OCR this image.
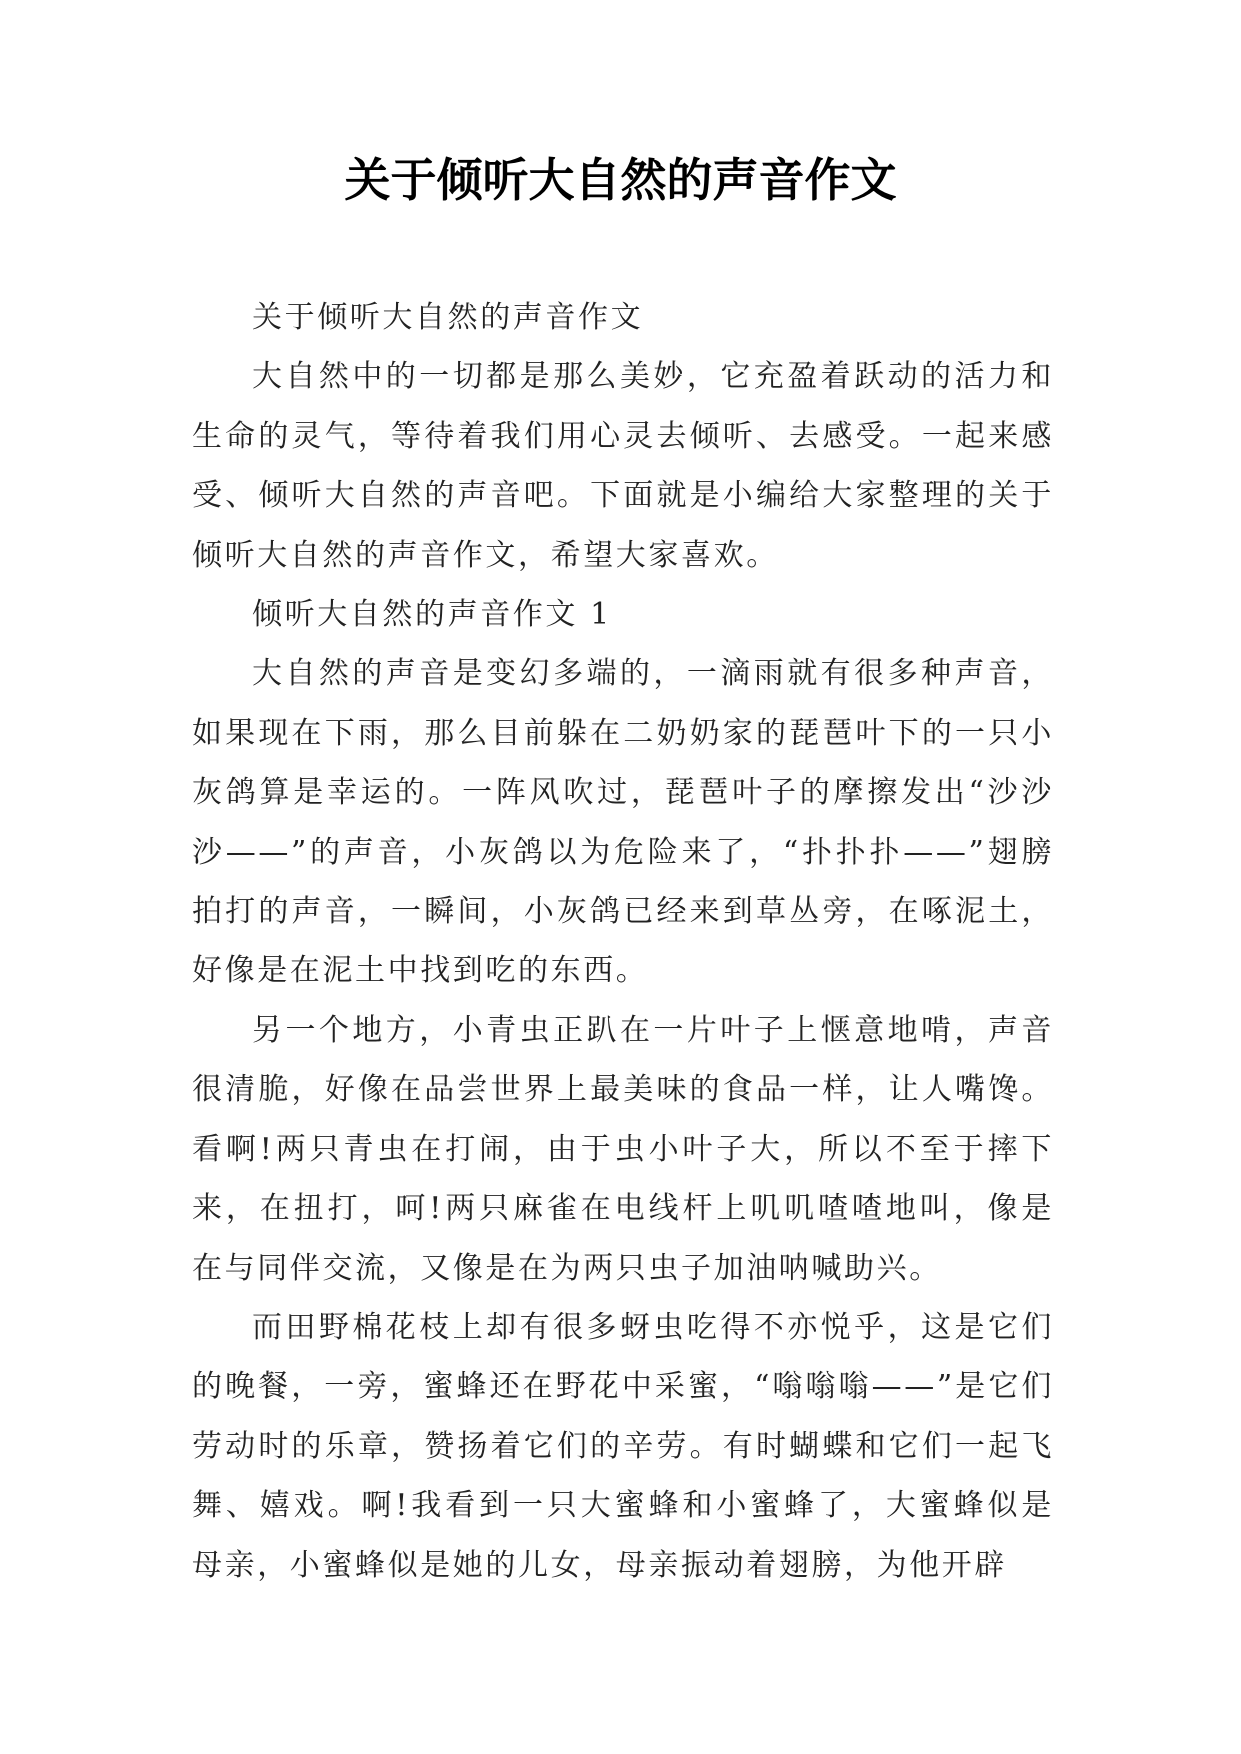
关于倾听大自然的声音作文

关于倾听大自然的声音作文

大自然中的一切都是那么美妙，它充盈着跃动的活力和生命的灵气，等待着我们用心灵去倾听、去感受。一起来感受、倾听大自然的声音吧。下面就是小编给大家整理的关于倾听大自然的声音作文，希望大家喜欢。

倾听大自然的声音作文 1

大自然的声音是变幻多端的，一滴雨就有很多种声音，如果现在下雨，那么目前躲在二奶奶家的琵琶叶下的一只小灰鸽算是幸运的。一阵风吹过，琵琶叶子的摩擦发出“沙沙沙——”的声音，小灰鸽以为危险来了，“扑扑扑——”翅膀拍打的声音，一瞬间，小灰鸽已经来到草丛旁，在啄泥土，好像是在泥土中找到吃的东西。

另一个地方，小青虫正趴在一片叶子上惬意地啃，声音很清脆，好像在品尝世界上最美味的食品一样，让人嘴馋。看啊!两只青虫在打闹，由于虫小叶子大，所以不至于摔下来，在扭打，呵!两只麻雀在电线杆上叽叽喳喳地叫，像是在与同伴交流，又像是在为两只虫子加油呐喊助兴。

而田野棉花枝上却有很多蚜虫吃得不亦悦乎，这是它们的晚餐，一旁，蜜蜂还在野花中采蜜，“嗡嗡嗡——”是它们劳动时的乐章，赞扬着它们的辛劳。有时蝴蝶和它们一起飞舞、嬉戏。啊!我看到一只大蜜蜂和小蜜蜂了，大蜜蜂似是母亲，小蜜蜂似是她的儿女，母亲振动着翅膀，为他开辟
